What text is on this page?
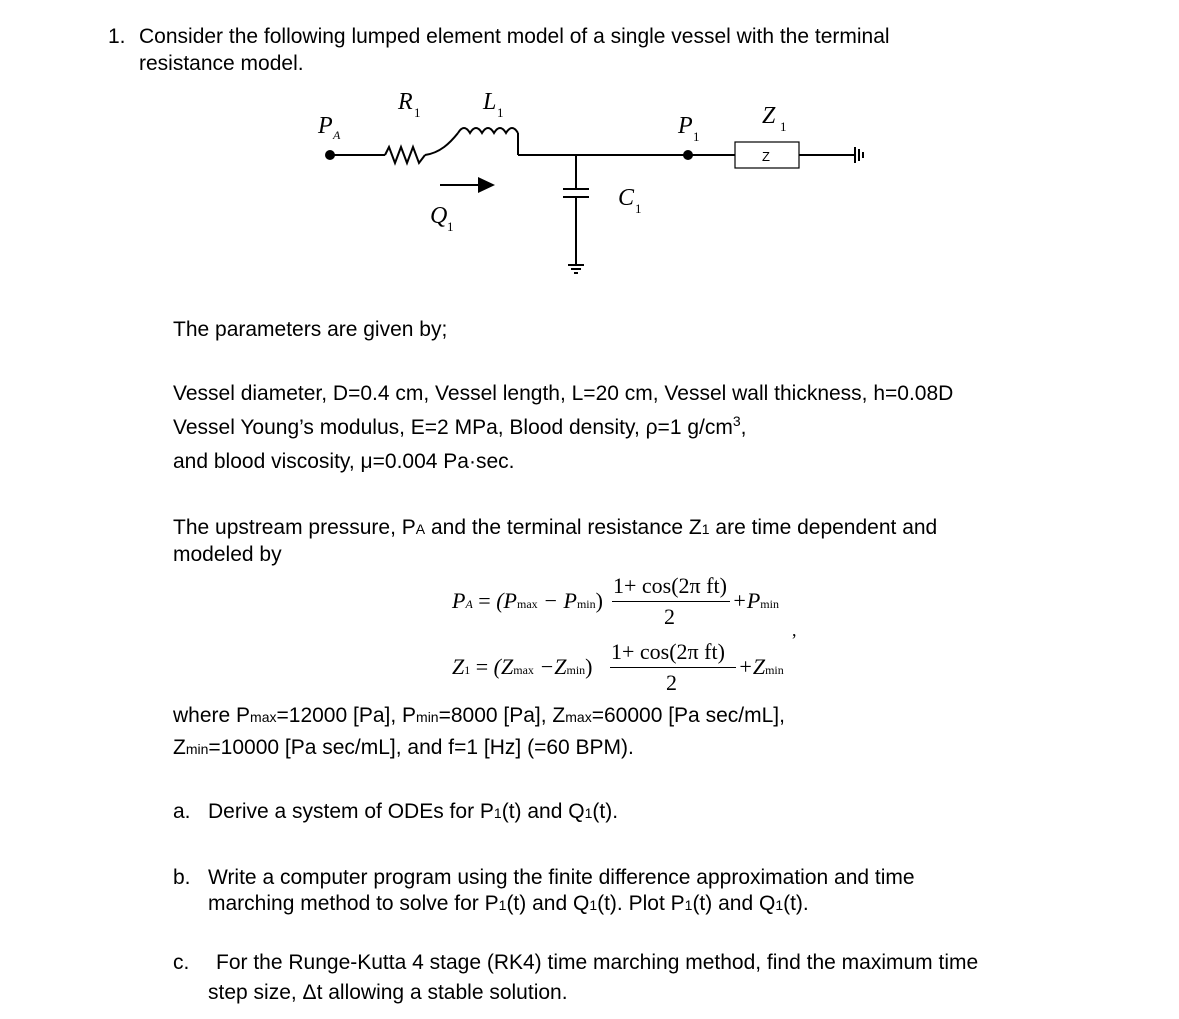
1. Consider the following lumped element model of a single vessel with the terminal

resistance model.

P A
R 1	L 1
Q 1
C 1
P 1
Z 1
Z

The parameters are given by;

Vessel diameter, D=0.4 cm, Vessel length, L=20 cm, Vessel wall thickness, h=0.08D

Vessel Young’s modulus, E=2 MPa, Blood density, ρ=1 $g/cm^3$,

and blood viscosity, μ=0.004 Pa·sec.

The upstream pressure, PA and the terminal resistance Z1 are time dependent and

modeled by

PA = (Pmax − Pmin)
1+ cos(2π ft)
2
+Pmin
,
Z1 = (Zmax −Zmin)
1+ cos(2π ft)
2
+Zmin

where Pmax=12000 [Pa], Pmin=8000 [Pa], Zmax=60000 [Pa sec/mL],

Zmin=10000 [Pa sec/mL], and f=1 [Hz] (=60 BPM).

a. Derive a system of ODEs for P1(t) and Q1(t).

b. Write a computer program using the finite difference approximation and time

marching method to solve for P1(t) and Q1(t). Plot P1(t) and Q1(t).

c. For the Runge-Kutta 4 stage (RK4) time marching method, find the maximum time

step size, Δt allowing a stable solution.
